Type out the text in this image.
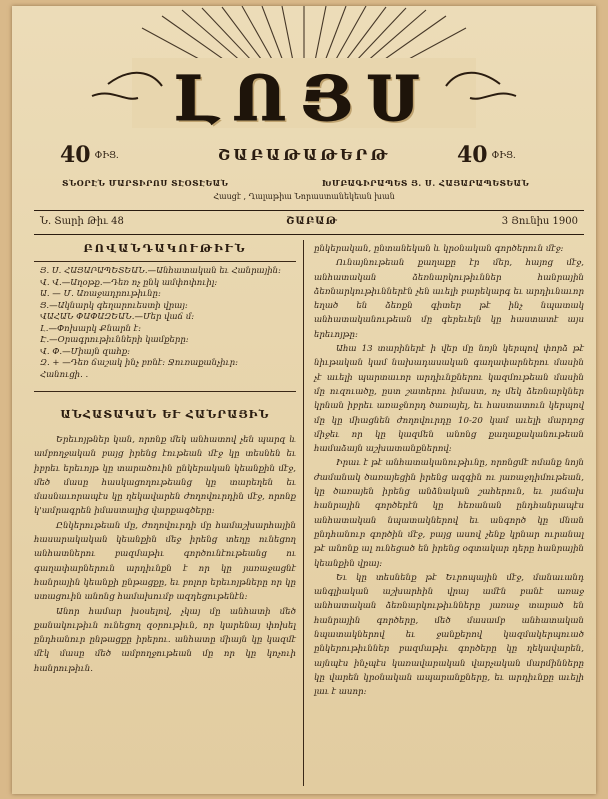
ԼՈՅՍ
40 ՓԻՑ.	ՇԱԲԱԹԱԹԵՐԹ	40 ՓԻՑ.
ՏՆՕՐԷՆ ՄԱՐՏԻՐՈՍ ՏԷՕՏԷԵԱՆ	ԽՄԲԱԳԻՐԱՊԵՏ Յ. Ս. ՀԱՅԱՐԱՊԵՏԵԱՆ
Հասցէ , Ղալաթիա Նորաստանեկեան խան
Ն. Տարի Թիւ 48	ՇԱԲԱԹ	3 Յունիս 1900
ԲՈՎԱՆԴԱԿՈՒԹԻՒՆ

Յ. Ս. ՀԱՅԱՐԱՊԵՏԵԱՆ.—Անհատական եւ Հանրային:

Վ. Վ.—Աղօթք.—Դեռ ոչ ընկ ամփոփուիլ:

Ա. — Մ. Առաջադրութիւնը:

Ց.—Ակնարկ գեղարուեստի վրայ:

ՎԱՀԱՆ ՓԱՓԱԶԵԱՆ.—Մեր վաճ մ:

Լ.—Փոխարկ Քնարն է:

Է.—Օրագրութիւնների կամքերը:

Վ. Փ.—Միայն զահք:

Զ. + —Դեռ ճաշակ ինչ բռնէ: Ջուռաքանչիւր:

Հանուցի. .

ԱՆՀԱՏԱԿԱՆ ԵՒ ՀԱՆՐԱՅԻՆ

Երեւոյթներ կան, որոնք մեկ անհատով չեն պարզ և ամբողջական բայց իրենց էութեան մէջ կը տեսնեն եւ իբրեւ երեւոյթ կը տարածուին ընկերական կեանքին մէջ, մեծ մասը հասկացողութեանց կը տարեղեն եւ մասնաւորապէս կը ղեկավարեն ժողովուրդին մէջ, որոնք կ'ամրագրեն իմաստալից վարքագծերը:

Ընկերութեան մը, ժողովուրդի մը համաշխարհային հասարակական կեանքին մեջ իրենց տեղը ունեցող անհատներու բազմաթիւ գործունէութեանց ու գաղափարներուն արդիւնքն է որ կը յառաջացնէ հանրային կեանքի ընթացքը, եւ բոլոր երեւոյթները որ կը ստացուին անոնց համախումբ ազդեցութենէն:

Անոր համար խօսելով, չկայ մը անհատի մեծ քանակութիւն ունեցող զօրութիւն, որ կարենայ փոխել ընդհանուր ընթացքը իրերու. անհատը միայն կը կազմէ մէկ մասը մեծ ամբողջութեան մը որ կը կոչուի հանրութիւն.

ընկերական, ընտանեկան և կրօնական գործերուն մէջ:

Ունայնութեան քաղաքը էր մեր, հայոց մէջ, անհատական ձեռնարկութիւններ հանրային ձեռնարկութիւններէն չեն աւելի բարեկարգ եւ արդիւնաւոր եղած են ձեռքն գիտեր թէ ինչ նպատակ անհատականութեան մը գերեւելն կը հաստատէ այս երեւոյթը:

Ահա 13 տարիներէ ի վեր մը նոյն կերպով փորձ թէ նիւթական կամ նախադասական գաղափարներու մասին չէ աւելի պարտաւոր արդիւնքներու կազմութեան մասին մը ուզուածը, ըստ շատերու իմաստ, ոչ մեկ ձեռնարկներ կրնան իբրեւ առաջնորդ ծառայել, եւ հաստատուն կերպով մը կը միացնեն ժողովուրդը 10-20 կամ աւելի մարդոց միջեւ որ կը կազմեն անոնց քաղաքականութեան համաձայն աշխատանքներով:

Իրաւ է թէ անհատականութիւնը, որոնցմէ ոմանք նոյն ժամանակ ծառայեցին իրենց ազգին ու յառաջդիմութեան, կը ծառայեն իրենց անձնական շահերուն, եւ յաճախ հանրային գործերէն կը հեռանան ընդհանրապէս անհատական նպատակներով եւ անգործ կը մնան ընդհանուր գործին մէջ, բայց ասով չենք կրնար ուրանալ թէ անոնք ալ ունեցած են իրենց օգտակար դերը հանրային կեանքին վրայ:

Եւ կը տեսնենք թէ Եւրոպային մէջ, մանաւանդ անգլիական աշխարհին վրայ ամէն բանէ առաջ անհատական ձեռնարկութիւնները յառաջ տարած են հանրային գործերը, մեծ մասամբ անհատական նպատակներով եւ ջանքերով կազմակերպուած ընկերութիւններ բազմաթիւ գործերը կը ղեկավարեն, այնպէս ինչպէս կառավարական վարչական մարմինները կը վարեն կրօնական ապարանքները, եւ արդիւնքը աւելի լաւ է ասոր:
